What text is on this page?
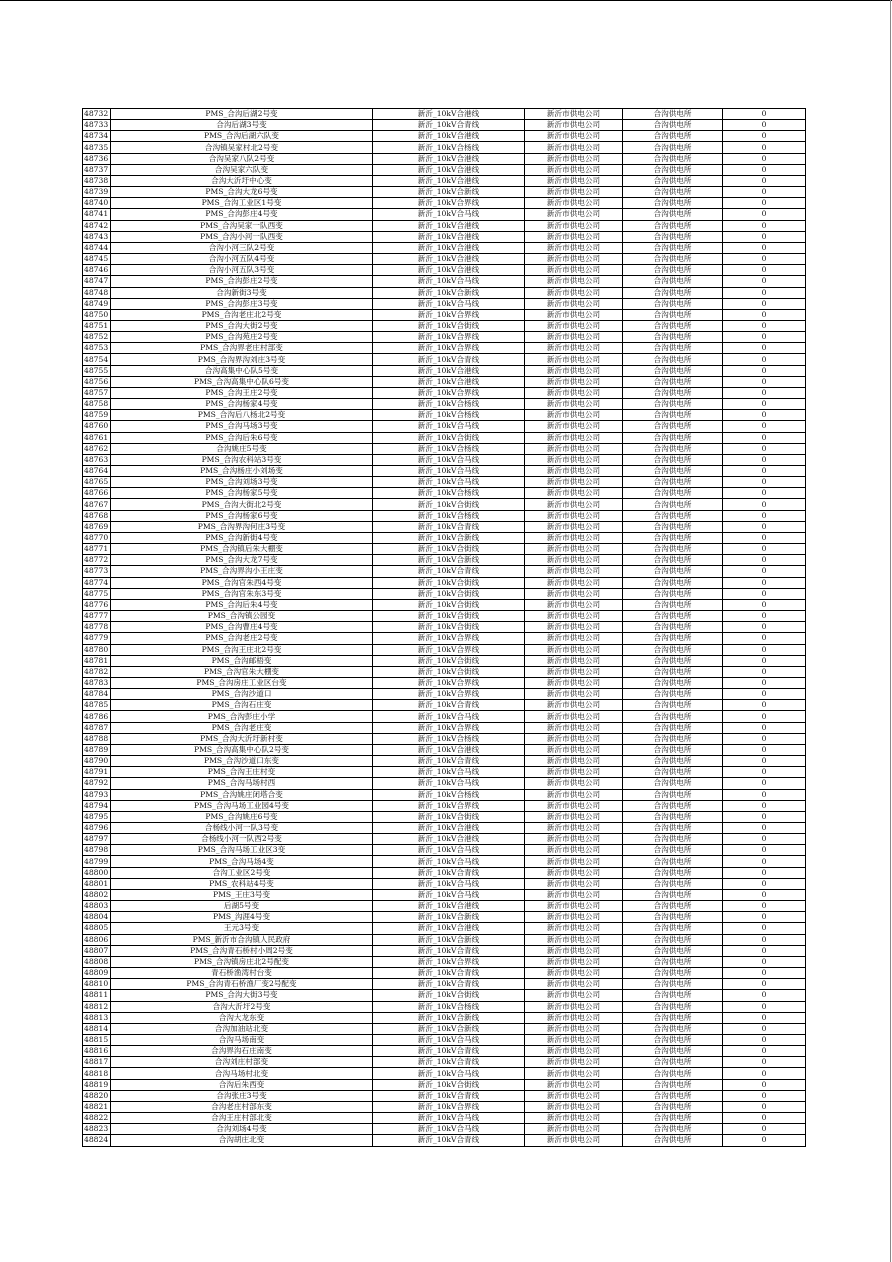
48732	PMS_合沟后湖2号变	新沂_10kV合港线	新沂市供电公司	合沟供电所	0
48733	合沟后湖3号变	新沂_10kV合青线	新沂市供电公司	合沟供电所	0
48734	PMS_合沟后湖六队变	新沂_10kV合港线	新沂市供电公司	合沟供电所	0
48735	合沟镇吴家村北2号变	新沂_10kV合杨线	新沂市供电公司	合沟供电所	0
48736	合沟吴家八队2号变	新沂_10kV合港线	新沂市供电公司	合沟供电所	0
48737	合沟吴家六队变	新沂_10kV合港线	新沂市供电公司	合沟供电所	0
48738	合沟大沂圩中心变	新沂_10kV合港线	新沂市供电公司	合沟供电所	0
48739	PMS_合沟大龙6号变	新沂_10kV合新线	新沂市供电公司	合沟供电所	0
48740	PMS_合沟工业区1号变	新沂_10kV合界线	新沂市供电公司	合沟供电所	0
48741	PMS_合沟彭庄4号变	新沂_10kV合马线	新沂市供电公司	合沟供电所	0
48742	PMS_合沟吴家一队西变	新沂_10kV合港线	新沂市供电公司	合沟供电所	0
48743	PMS_合沟小河一队西变	新沂_10kV合港线	新沂市供电公司	合沟供电所	0
48744	合沟小河三队2号变	新沂_10kV合港线	新沂市供电公司	合沟供电所	0
48745	合沟小河五队4号变	新沂_10kV合港线	新沂市供电公司	合沟供电所	0
48746	合沟小河五队3号变	新沂_10kV合港线	新沂市供电公司	合沟供电所	0
48747	PMS_合沟彭庄2号变	新沂_10kV合马线	新沂市供电公司	合沟供电所	0
48748	合沟新街3号变	新沂_10kV合新线	新沂市供电公司	合沟供电所	0
48749	PMS_合沟彭庄3号变	新沂_10kV合马线	新沂市供电公司	合沟供电所	0
48750	PMS_合沟老庄北2号变	新沂_10kV合界线	新沂市供电公司	合沟供电所	0
48751	PMS_合沟大街2号变	新沂_10kV合街线	新沂市供电公司	合沟供电所	0
48752	PMS_合沟苑庄2号变	新沂_10kV合界线	新沂市供电公司	合沟供电所	0
48753	PMS_合沟界老庄村部变	新沂_10kV合界线	新沂市供电公司	合沟供电所	0
48754	PMS_合沟界沟刘庄3号变	新沂_10kV合青线	新沂市供电公司	合沟供电所	0
48755	合沟高集中心队5号变	新沂_10kV合港线	新沂市供电公司	合沟供电所	0
48756	PMS_合沟高集中心队6号变	新沂_10kV合港线	新沂市供电公司	合沟供电所	0
48757	PMS_合沟王庄2号变	新沂_10kV合界线	新沂市供电公司	合沟供电所	0
48758	PMS_合沟杨家4号变	新沂_10kV合杨线	新沂市供电公司	合沟供电所	0
48759	PMS_合沟后八杨北2号变	新沂_10kV合杨线	新沂市供电公司	合沟供电所	0
48760	PMS_合沟马场3号变	新沂_10kV合马线	新沂市供电公司	合沟供电所	0
48761	PMS_合沟后朱6号变	新沂_10kV合街线	新沂市供电公司	合沟供电所	0
48762	合沟姚庄5号变	新沂_10kV合杨线	新沂市供电公司	合沟供电所	0
48763	PMS_合沟农科站3号变	新沂_10kV合马线	新沂市供电公司	合沟供电所	0
48764	PMS_合沟杨庄小刘场变	新沂_10kV合马线	新沂市供电公司	合沟供电所	0
48765	PMS_合沟刘场3号变	新沂_10kV合马线	新沂市供电公司	合沟供电所	0
48766	PMS_合沟杨家5号变	新沂_10kV合杨线	新沂市供电公司	合沟供电所	0
48767	PMS_合沟大街北2号变	新沂_10kV合街线	新沂市供电公司	合沟供电所	0
48768	PMS_合沟杨家6号变	新沂_10kV合杨线	新沂市供电公司	合沟供电所	0
48769	PMS_合沟界沟何庄3号变	新沂_10kV合青线	新沂市供电公司	合沟供电所	0
48770	PMS_合沟新街4号变	新沂_10kV合新线	新沂市供电公司	合沟供电所	0
48771	PMS_合沟镇后朱大棚变	新沂_10kV合街线	新沂市供电公司	合沟供电所	0
48772	PMS_合沟大龙7号变	新沂_10kV合新线	新沂市供电公司	合沟供电所	0
48773	PMS_合沟界沟小王庄变	新沂_10kV合青线	新沂市供电公司	合沟供电所	0
48774	PMS_合沟官朱西4号变	新沂_10kV合街线	新沂市供电公司	合沟供电所	0
48775	PMS_合沟官朱东3号变	新沂_10kV合街线	新沂市供电公司	合沟供电所	0
48776	PMS_合沟后朱4号变	新沂_10kV合街线	新沂市供电公司	合沟供电所	0
48777	PMS_合沟镇公园变	新沂_10kV合街线	新沂市供电公司	合沟供电所	0
48778	PMS_合沟曹庄4号变	新沂_10kV合街线	新沂市供电公司	合沟供电所	0
48779	PMS_合沟老庄2号变	新沂_10kV合界线	新沂市供电公司	合沟供电所	0
48780	PMS_合沟王庄北2号变	新沂_10kV合界线	新沂市供电公司	合沟供电所	0
48781	PMS_合沟邮梧变	新沂_10kV合街线	新沂市供电公司	合沟供电所	0
48782	PMS_合沟官朱大棚变	新沂_10kV合街线	新沂市供电公司	合沟供电所	0
48783	PMS_合沟房庄工业区台变	新沂_10kV合界线	新沂市供电公司	合沟供电所	0
48784	PMS_合沟沙道口	新沂_10kV合界线	新沂市供电公司	合沟供电所	0
48785	PMS_合沟石庄变	新沂_10kV合青线	新沂市供电公司	合沟供电所	0
48786	PMS_合沟彭庄小学	新沂_10kV合马线	新沂市供电公司	合沟供电所	0
48787	PMS_合沟老庄变	新沂_10kV合界线	新沂市供电公司	合沟供电所	0
48788	PMS_合沟大沂圩新村变	新沂_10kV合杨线	新沂市供电公司	合沟供电所	0
48789	PMS_合沟高集中心队2号变	新沂_10kV合港线	新沂市供电公司	合沟供电所	0
48790	PMS_合沟沙道口东变	新沂_10kV合青线	新沂市供电公司	合沟供电所	0
48791	PMS_合沟王庄村变	新沂_10kV合马线	新沂市供电公司	合沟供电所	0
48792	PMS_合沟马场村西	新沂_10kV合马线	新沂市供电公司	合沟供电所	0
48793	PMS_合沟姚庄闭塔合变	新沂_10kV合杨线	新沂市供电公司	合沟供电所	0
48794	PMS_合沟马场工业园4号变	新沂_10kV合界线	新沂市供电公司	合沟供电所	0
48795	PMS_合沟姚庄6号变	新沂_10kV合街线	新沂市供电公司	合沟供电所	0
48796	合杨线小河一队3号变	新沂_10kV合港线	新沂市供电公司	合沟供电所	0
48797	合杨线小河一队西2号变	新沂_10kV合港线	新沂市供电公司	合沟供电所	0
48798	PMS_合沟马场工业区3变	新沂_10kV合马线	新沂市供电公司	合沟供电所	0
48799	PMS_合沟马场4变	新沂_10kV合马线	新沂市供电公司	合沟供电所	0
48800	合沟工业区2号变	新沂_10kV合青线	新沂市供电公司	合沟供电所	0
48801	PMS_农科站4号变	新沂_10kV合马线	新沂市供电公司	合沟供电所	0
48802	PMS_王庄3号变	新沂_10kV合马线	新沂市供电公司	合沟供电所	0
48803	后湖5号变	新沂_10kV合港线	新沂市供电公司	合沟供电所	0
48804	PMS_沟涯4号变	新沂_10kV合新线	新沂市供电公司	合沟供电所	0
48805	王元3号变	新沂_10kV合港线	新沂市供电公司	合沟供电所	0
48806	PMS_新沂市合沟镇人民政府	新沂_10kV合新线	新沂市供电公司	合沟供电所	0
48807	PMS_合沟青石桥村小周2号变	新沂_10kV合青线	新沂市供电公司	合沟供电所	0
48808	PMS_合沟镇房庄北2号配变	新沂_10kV合界线	新沂市供电公司	合沟供电所	0
48809	青石桥渔湾村台变	新沂_10kV合青线	新沂市供电公司	合沟供电所	0
48810	PMS_合沟青石桥渔厂变2号配变	新沂_10kV合青线	新沂市供电公司	合沟供电所	0
48811	PMS_合沟大街3号变	新沂_10kV合街线	新沂市供电公司	合沟供电所	0
48812	合沟大沂圩2号变	新沂_10kV合杨线	新沂市供电公司	合沟供电所	0
48813	合沟大龙东变	新沂_10kV合新线	新沂市供电公司	合沟供电所	0
48814	合沟加油站北变	新沂_10kV合新线	新沂市供电公司	合沟供电所	0
48815	合沟马场南变	新沂_10kV合马线	新沂市供电公司	合沟供电所	0
48816	合沟界沟石庄南变	新沂_10kV合青线	新沂市供电公司	合沟供电所	0
48817	合沟刘庄村部变	新沂_10kV合青线	新沂市供电公司	合沟供电所	0
48818	合沟马场村北变	新沂_10kV合马线	新沂市供电公司	合沟供电所	0
48819	合沟后朱西变	新沂_10kV合街线	新沂市供电公司	合沟供电所	0
48820	合沟张庄3号变	新沂_10kV合青线	新沂市供电公司	合沟供电所	0
48821	合沟老庄村部东变	新沂_10kV合界线	新沂市供电公司	合沟供电所	0
48822	合沟王庄村部北变	新沂_10kV合马线	新沂市供电公司	合沟供电所	0
48823	合沟刘场4号变	新沂_10kV合马线	新沂市供电公司	合沟供电所	0
48824	合沟胡庄北变	新沂_10kV合青线	新沂市供电公司	合沟供电所	0
